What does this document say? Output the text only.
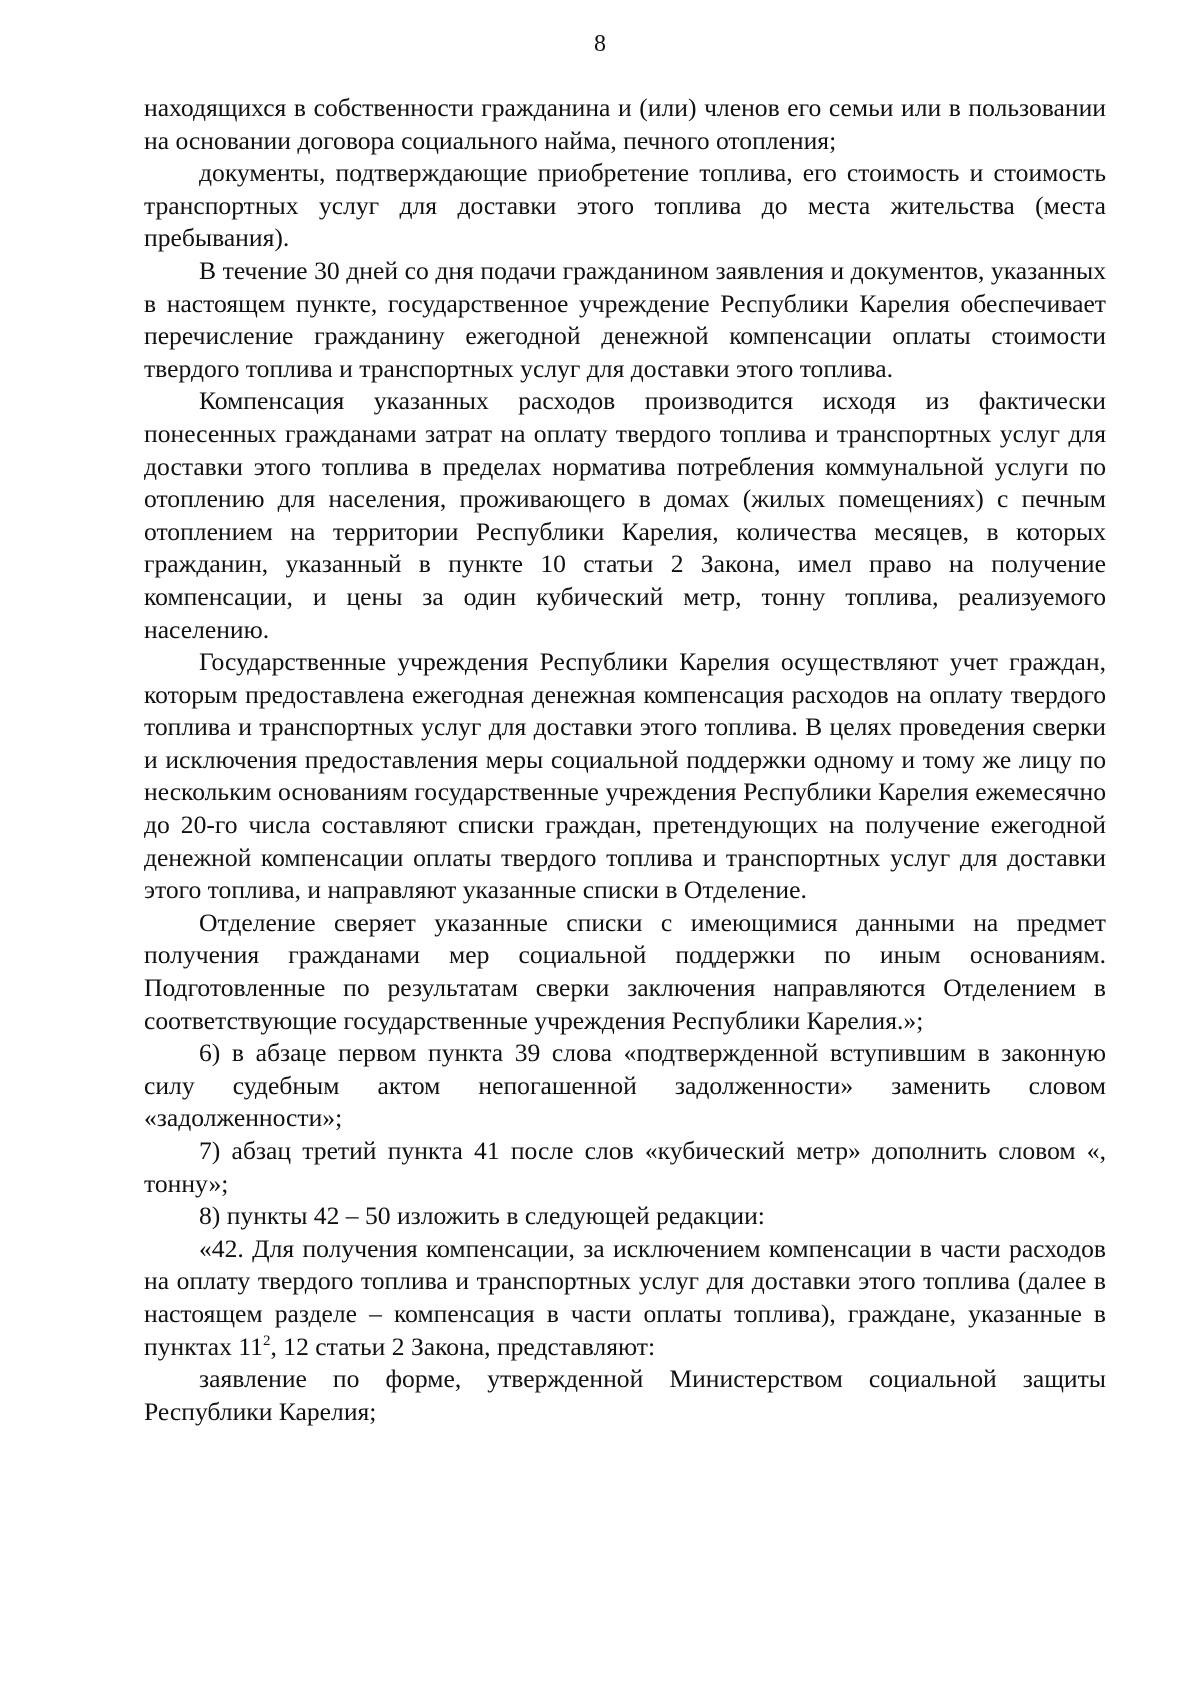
8

находящихся в собственности гражданина и (или) членов его семьи или в пользовании на основании договора социального найма, печного отопления;

документы, подтверждающие приобретение топлива, его стоимость и стоимость транспортных услуг для доставки этого топлива до места жительства (места пребывания).

В течение 30 дней со дня подачи гражданином заявления и документов, указанных в настоящем пункте, государственное учреждение Республики Карелия обеспечивает перечисление гражданину ежегодной денежной компенсации оплаты стоимости твердого топлива и транспортных услуг для доставки этого топлива.

Компенсация указанных расходов производится исходя из фактически понесенных гражданами затрат на оплату твердого топлива и транспортных услуг для доставки этого топлива в пределах норматива потребления коммунальной услуги по отоплению для населения, проживающего в домах (жилых помещениях) с печным отоплением на территории Республики Карелия, количества месяцев, в которых гражданин, указанный в пункте 10 статьи 2 Закона, имел право на получение компенсации, и цены за один кубический метр, тонну топлива, реализуемого населению.

Государственные учреждения Республики Карелия осуществляют учет граждан, которым предоставлена ежегодная денежная компенсация расходов на оплату твердого топлива и транспортных услуг для доставки этого топлива. В целях проведения сверки и исключения предоставления меры социальной поддержки одному и тому же лицу по нескольким основаниям государственные учреждения Республики Карелия ежемесячно до 20-го числа составляют списки граждан, претендующих на получение ежегодной денежной компенсации оплаты твердого топлива и транспортных услуг для доставки этого топлива, и направляют указанные списки в Отделение.

Отделение сверяет указанные списки с имеющимися данными на предмет получения гражданами мер социальной поддержки по иным основаниям. Подготовленные по результатам сверки заключения направляются Отделением в соответствующие государственные учреждения Республики Карелия.»;

6) в абзаце первом пункта 39 слова «подтвержденной вступившим в законную силу судебным актом непогашенной задолженности» заменить словом «задолженности»;

7) абзац третий пункта 41 после слов «кубический метр» дополнить словом «, тонну»;

8) пункты 42 – 50 изложить в следующей редакции:

«42. Для получения компенсации, за исключением компенсации в части расходов на оплату твердого топлива и транспортных услуг для доставки этого топлива (далее в настоящем разделе – компенсация в части оплаты топлива), граждане, указанные в пунктах $11^2$, 12 статьи 2 Закона, представляют:

заявление по форме, утвержденной Министерством социальной защиты Республики Карелия;
